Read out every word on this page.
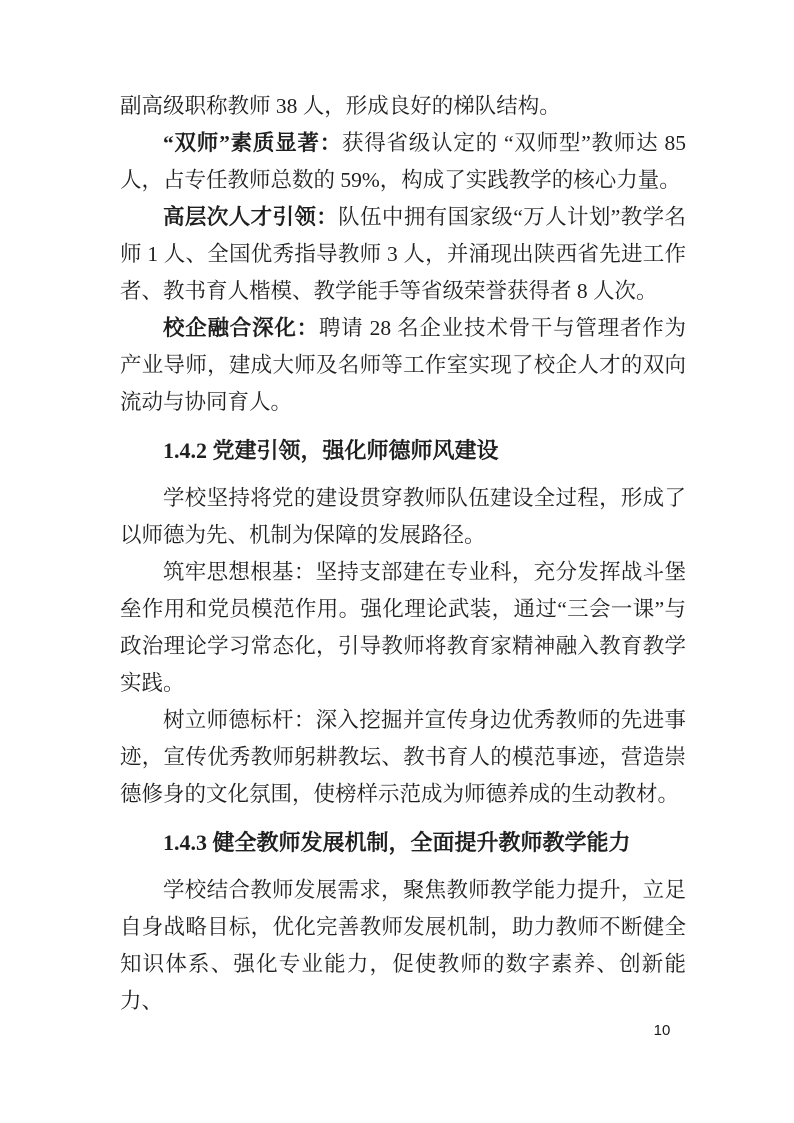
副高级职称教师 38 人，形成良好的梯队结构。

“双师”素质显著：获得省级认定的 “双师型”教师达 85 人，占专任教师总数的 59%，构成了实践教学的核心力量。

高层次人才引领：队伍中拥有国家级“万人计划”教学名师 1 人、全国优秀指导教师 3 人，并涌现出陕西省先进工作者、教书育人楷模、教学能手等省级荣誉获得者 8 人次。

校企融合深化：聘请 28 名企业技术骨干与管理者作为产业导师，建成大师及名师等工作室实现了校企人才的双向流动与协同育人。

1.4.2 党建引领，强化师德师风建设

学校坚持将党的建设贯穿教师队伍建设全过程，形成了以师德为先、机制为保障的发展路径。

筑牢思想根基：坚持支部建在专业科，充分发挥战斗堡垒作用和党员模范作用。强化理论武装，通过“三会一课”与政治理论学习常态化，引导教师将教育家精神融入教育教学实践。

树立师德标杆：深入挖掘并宣传身边优秀教师的先进事迹，宣传优秀教师躬耕教坛、教书育人的模范事迹，营造崇德修身的文化氛围，使榜样示范成为师德养成的生动教材。

1.4.3 健全教师发展机制，全面提升教师教学能力

学校结合教师发展需求，聚焦教师教学能力提升，立足自身战略目标，优化完善教师发展机制，助力教师不断健全知识体系、强化专业能力，促使教师的数字素养、创新能力、

10
